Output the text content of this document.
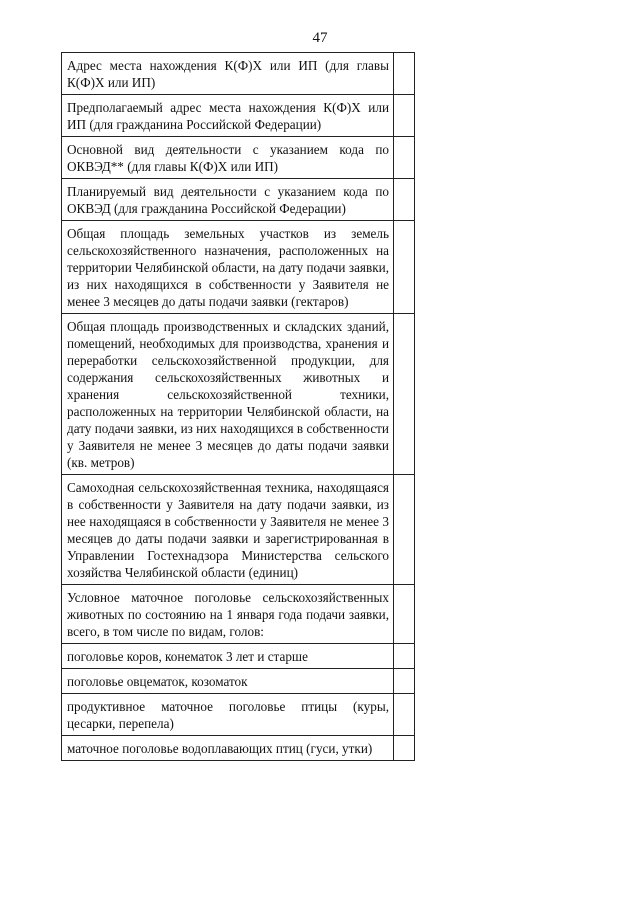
47
Адрес места нахождения К(Ф)Х или ИП (для главы К(Ф)Х или ИП)	
Предполагаемый адрес места нахождения К(Ф)Х или ИП (для гражданина Российской Федерации)	
Основной вид деятельности с указанием кода по ОКВЭД** (для главы К(Ф)Х или ИП)	
Планируемый вид деятельности с указанием кода по ОКВЭД (для гражданина Российской Федерации)	
Общая площадь земельных участков из земель сельскохозяйственного назначения, расположенных на территории Челябинской области, на дату подачи заявки, из них находящихся в собственности у Заявителя не менее 3 месяцев до даты подачи заявки (гектаров)	
Общая площадь производственных и складских зданий, помещений, необходимых для производства, хранения и переработки сельскохозяйственной продукции, для содержания сельскохозяйственных животных и хранения сельскохозяйственной техники, расположенных на территории Челябинской области, на дату подачи заявки, из них находящихся в собственности у Заявителя не менее 3 месяцев до даты подачи заявки (кв. метров)	
Самоходная сельскохозяйственная техника, находящаяся в собственности у Заявителя на дату подачи заявки, из нее находящаяся в собственности у Заявителя не менее 3 месяцев до даты подачи заявки и зарегистрированная в Управлении Гостехнадзора Министерства сельского хозяйства Челябинской области (единиц)	
Условное маточное поголовье сельскохозяйственных животных по состоянию на 1 января года подачи заявки, всего, в том числе по видам, голов:	
поголовье коров, конематок 3 лет и старше	
поголовье овцематок, козоматок	
продуктивное маточное поголовье птицы (куры, цесарки, перепела)	
маточное поголовье водоплавающих птиц (гуси, утки)	
